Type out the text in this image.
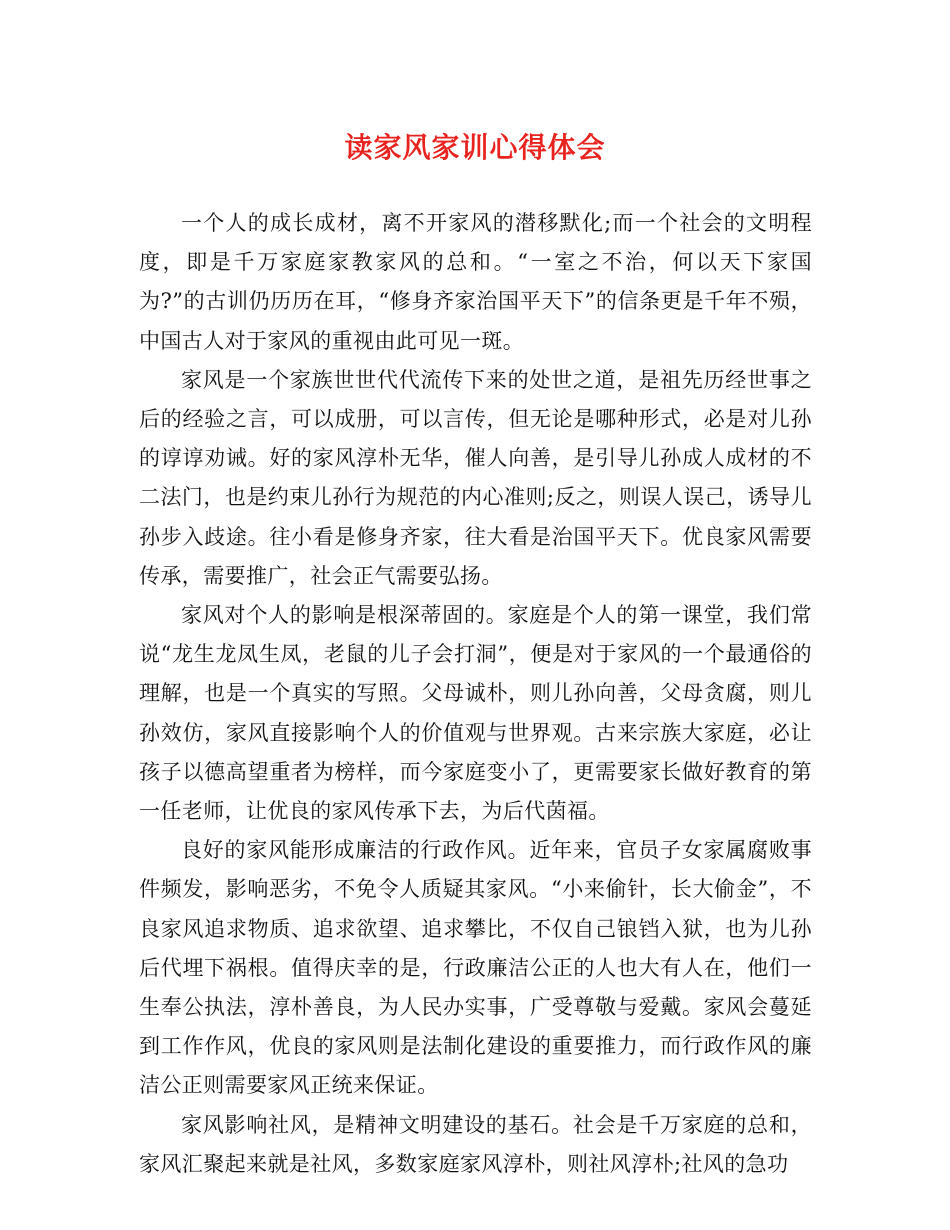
读家风家训心得体会

一个人的成长成材，离不开家风的潜移默化;而一个社会的文明程度，即是千万家庭家教家风的总和。“一室之不治，何以天下家国为?”的古训仍历历在耳，“修身齐家治国平天下”的信条更是千年不殒，中国古人对于家风的重视由此可见一斑。

家风是一个家族世世代代流传下来的处世之道，是祖先历经世事之后的经验之言，可以成册，可以言传，但无论是哪种形式，必是对儿孙的谆谆劝诫。好的家风淳朴无华，催人向善，是引导儿孙成人成材的不二法门，也是约束儿孙行为规范的内心准则;反之，则误人误己，诱导儿孙步入歧途。往小看是修身齐家，往大看是治国平天下。优良家风需要传承，需要推广，社会正气需要弘扬。

家风对个人的影响是根深蒂固的。家庭是个人的第一课堂，我们常说“龙生龙凤生凤，老鼠的儿子会打洞”，便是对于家风的一个最通俗的理解，也是一个真实的写照。父母诚朴，则儿孙向善，父母贪腐，则儿孙效仿，家风直接影响个人的价值观与世界观。古来宗族大家庭，必让孩子以德高望重者为榜样，而今家庭变小了，更需要家长做好教育的第一任老师，让优良的家风传承下去，为后代茵福。

良好的家风能形成廉洁的行政作风。近年来，官员子女家属腐败事件频发，影响恶劣，不免令人质疑其家风。“小来偷针，长大偷金”，不良家风追求物质、追求欲望、追求攀比，不仅自己锒铛入狱，也为儿孙后代埋下祸根。值得庆幸的是，行政廉洁公正的人也大有人在，他们一生奉公执法，淳朴善良，为人民办实事，广受尊敬与爱戴。家风会蔓延到工作作风，优良的家风则是法制化建设的重要推力，而行政作风的廉洁公正则需要家风正统来保证。

家风影响社风，是精神文明建设的基石。社会是千万家庭的总和，家风汇聚起来就是社风，多数家庭家风淳朴，则社风淳朴;社风的急功
